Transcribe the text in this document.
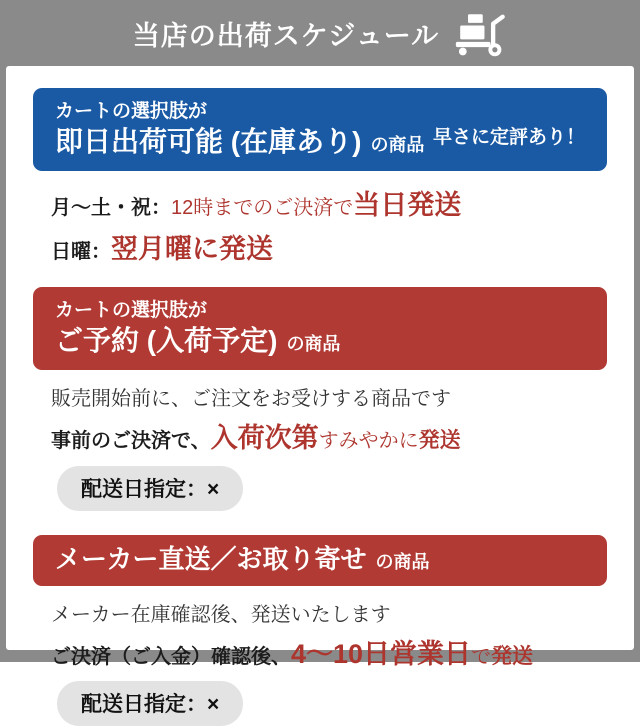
当店の出荷スケジュール
カートの選択肢が
即日出荷可能 (在庫あり) の商品 早さに定評あり！

月〜土・祝：12時までのご決済で当日発送

日曜：翌月曜に発送

カートの選択肢が
ご予約 (入荷予定) の商品

販売開始前に、ご注文をお受けする商品です

事前のご決済で、入荷次第すみやかに発送

配送日指定：×
メーカー直送／お取り寄せ の商品

メーカー在庫確認後、発送いたします

ご決済（ご入金）確認後、4〜10日営業日で発送

配送日指定：×
